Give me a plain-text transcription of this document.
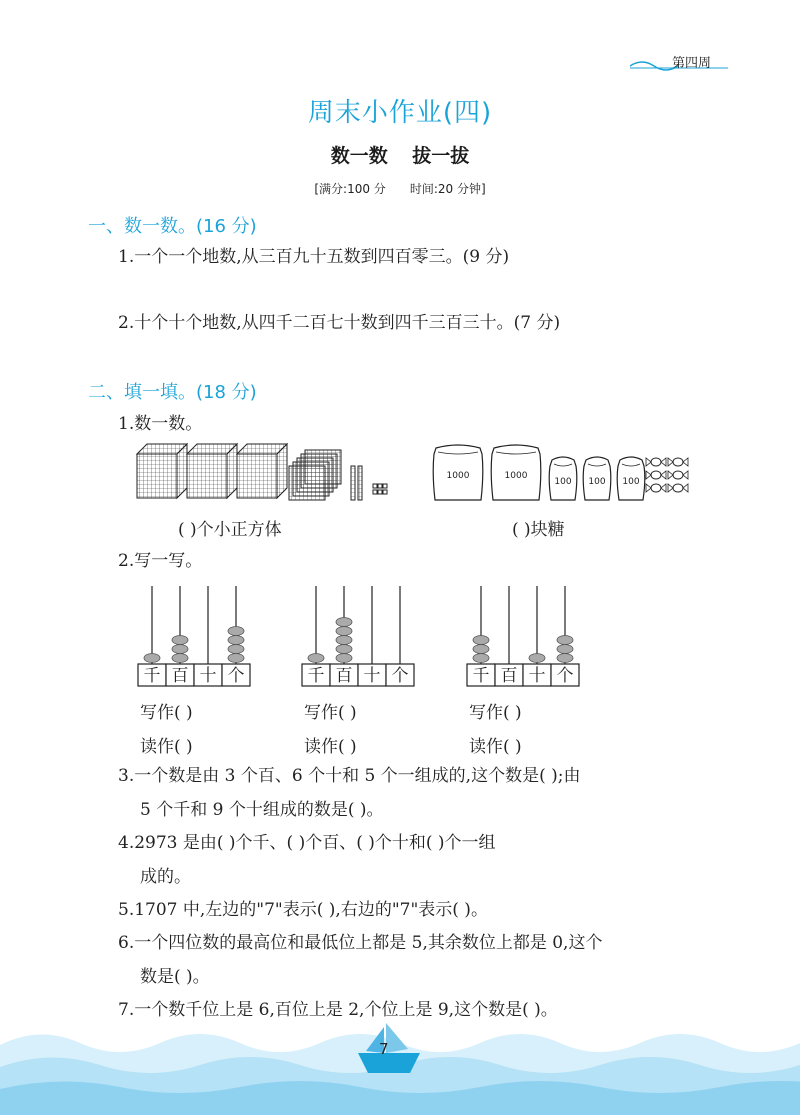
第四周
周末小作业(四)
数一数 拔一拔
[满分:100 分 时间:20 分钟]
一、数一数。(16 分)
1.一个一个地数,从三百九十五数到四百零三。(9 分)
2.十个十个地数,从四千二百七十数到四千三百三十。(7 分)
二、填一填。(18 分)
1.数一数。
1000	1000
100 100 100
( )个小正方体	( )块糖
2.写一写。
千 百 十 个	千 百 十 个	千 百 十 个
写作( )
读作( )
写作( )
读作( )
写作( )
读作( )
3.一个数是由 3 个百、6 个十和 5 个一组成的,这个数是( );由
5 个千和 9 个十组成的数是( )。
4.2973 是由( )个千、( )个百、( )个十和( )个一组
成的。
5.1707 中,左边的"7"表示( ),右边的"7"表示( )。
6.一个四位数的最高位和最低位上都是 5,其余数位上都是 0,这个
数是( )。
7.一个数千位上是 6,百位上是 2,个位上是 9,这个数是( )。
7
